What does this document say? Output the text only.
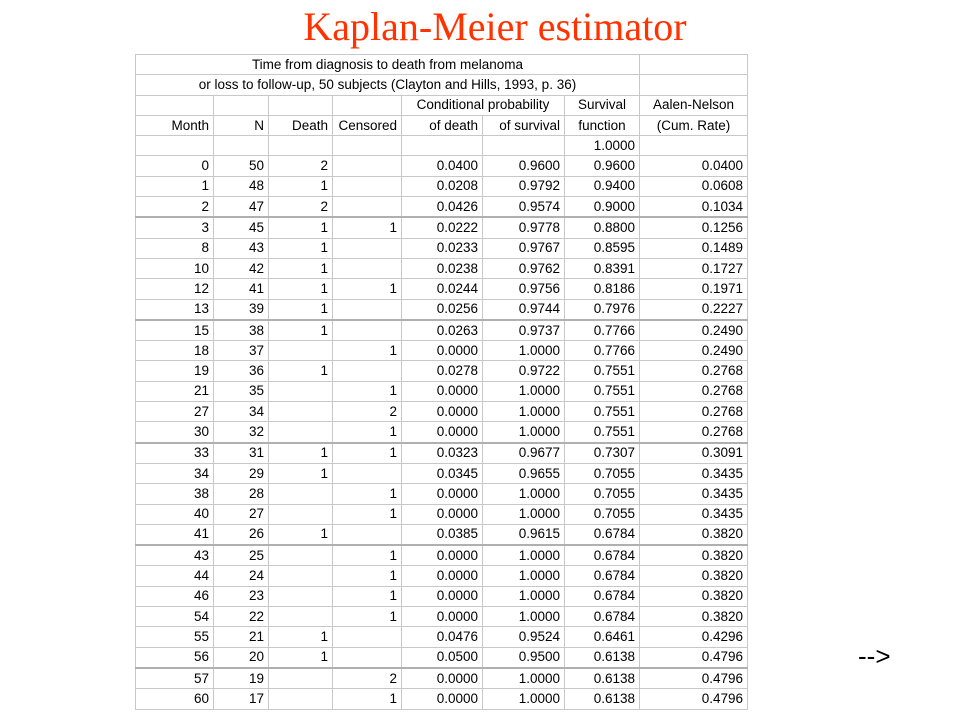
Kaplan-Meier estimator
Time from diagnosis to death from melanoma							
or loss to follow-up, 50 subjects (Clayton and Hills, 1993, p. 36)							
				Conditional probability		Survival	Aalen-Nelson
Month	N	Death	Censored	of death	of survival	function	(Cum. Rate)
						1.0000	
0	50	2		0.0400	0.9600	0.9600	0.0400
1	48	1		0.0208	0.9792	0.9400	0.0608
2	47	2		0.0426	0.9574	0.9000	0.1034
3	45	1	1	0.0222	0.9778	0.8800	0.1256
8	43	1		0.0233	0.9767	0.8595	0.1489
10	42	1		0.0238	0.9762	0.8391	0.1727
12	41	1	1	0.0244	0.9756	0.8186	0.1971
13	39	1		0.0256	0.9744	0.7976	0.2227
15	38	1		0.0263	0.9737	0.7766	0.2490
18	37		1	0.0000	1.0000	0.7766	0.2490
19	36	1		0.0278	0.9722	0.7551	0.2768
21	35		1	0.0000	1.0000	0.7551	0.2768
27	34		2	0.0000	1.0000	0.7551	0.2768
30	32		1	0.0000	1.0000	0.7551	0.2768
33	31	1	1	0.0323	0.9677	0.7307	0.3091
34	29	1		0.0345	0.9655	0.7055	0.3435
38	28		1	0.0000	1.0000	0.7055	0.3435
40	27		1	0.0000	1.0000	0.7055	0.3435
41	26	1		0.0385	0.9615	0.6784	0.3820
43	25		1	0.0000	1.0000	0.6784	0.3820
44	24		1	0.0000	1.0000	0.6784	0.3820
46	23		1	0.0000	1.0000	0.6784	0.3820
54	22		1	0.0000	1.0000	0.6784	0.3820
55	21	1		0.0476	0.9524	0.6461	0.4296
56	20	1		0.0500	0.9500	0.6138	0.4796
57	19		2	0.0000	1.0000	0.6138	0.4796
60	17		1	0.0000	1.0000	0.6138	0.4796
-->
